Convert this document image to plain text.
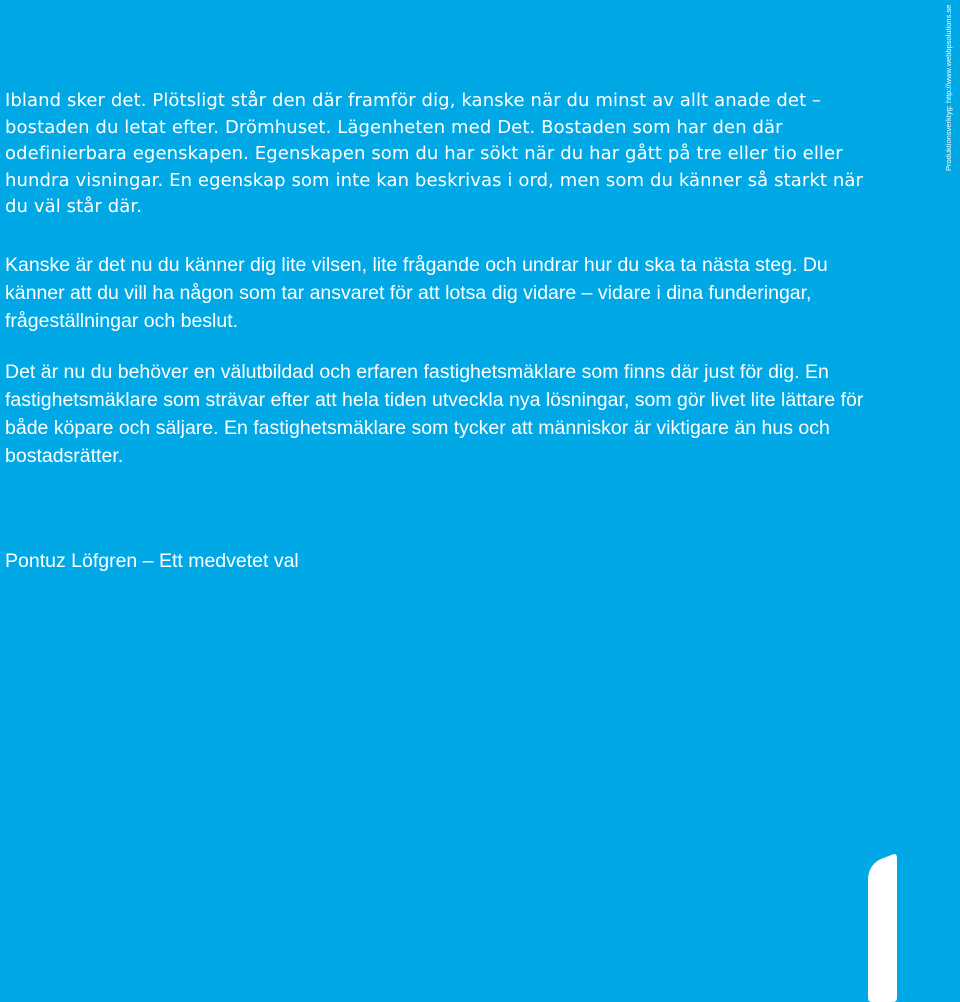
Ibland sker det. Plötsligt står den där framför dig, kanske när du minst av allt anade det – bostaden du letat efter. Drömhuset. Lägenheten med Det. Bostaden som har den där odefinierbara egenskapen. Egenskapen som du har sökt när du har gått på tre eller tio eller hundra visningar. En egenskap som inte kan beskrivas i ord, men som du känner så starkt när du väl står där.

Kanske är det nu du känner dig lite vilsen, lite frågande och undrar hur du ska ta nästa steg. Du känner att du vill ha någon som tar ansvaret för att lotsa dig vidare – vidare i dina funderingar, frågeställningar och beslut.

Det är nu du behöver en välutbildad och erfaren fastighetsmäklare som finns där just för dig. En fastighetsmäklare som strävar efter att hela tiden utveckla nya lösningar, som gör livet lite lättare för både köpare och säljare. En fastighetsmäklare som tycker att människor är viktigare än hus och bostadsrätter.

Pontuz Löfgren – Ett medvetet val

Produktionsverktyg: http://www.webbpsolutions.se
